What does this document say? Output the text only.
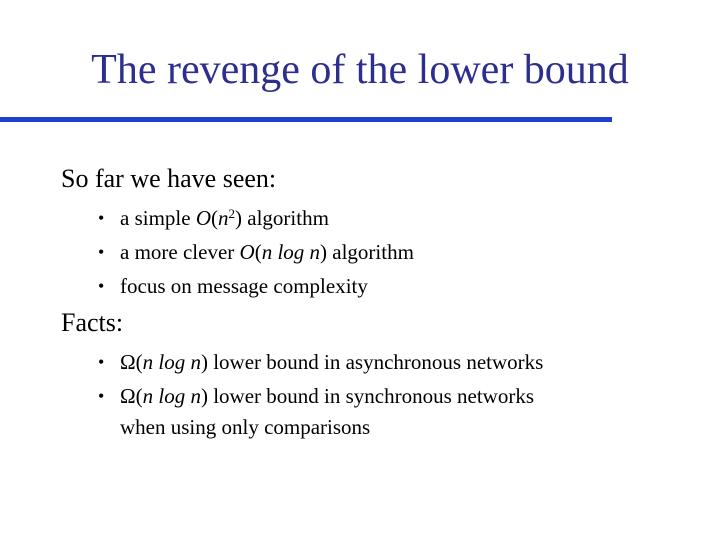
The revenge of the lower bound
So far we have seen:
• a simple $O(n^2)$ algorithm
• a more clever O(n log n) algorithm
• focus on message complexity
Facts:
• Ω(n log n) lower bound in asynchronous networks
• Ω(n log n) lower bound in synchronous networks
when using only comparisons
